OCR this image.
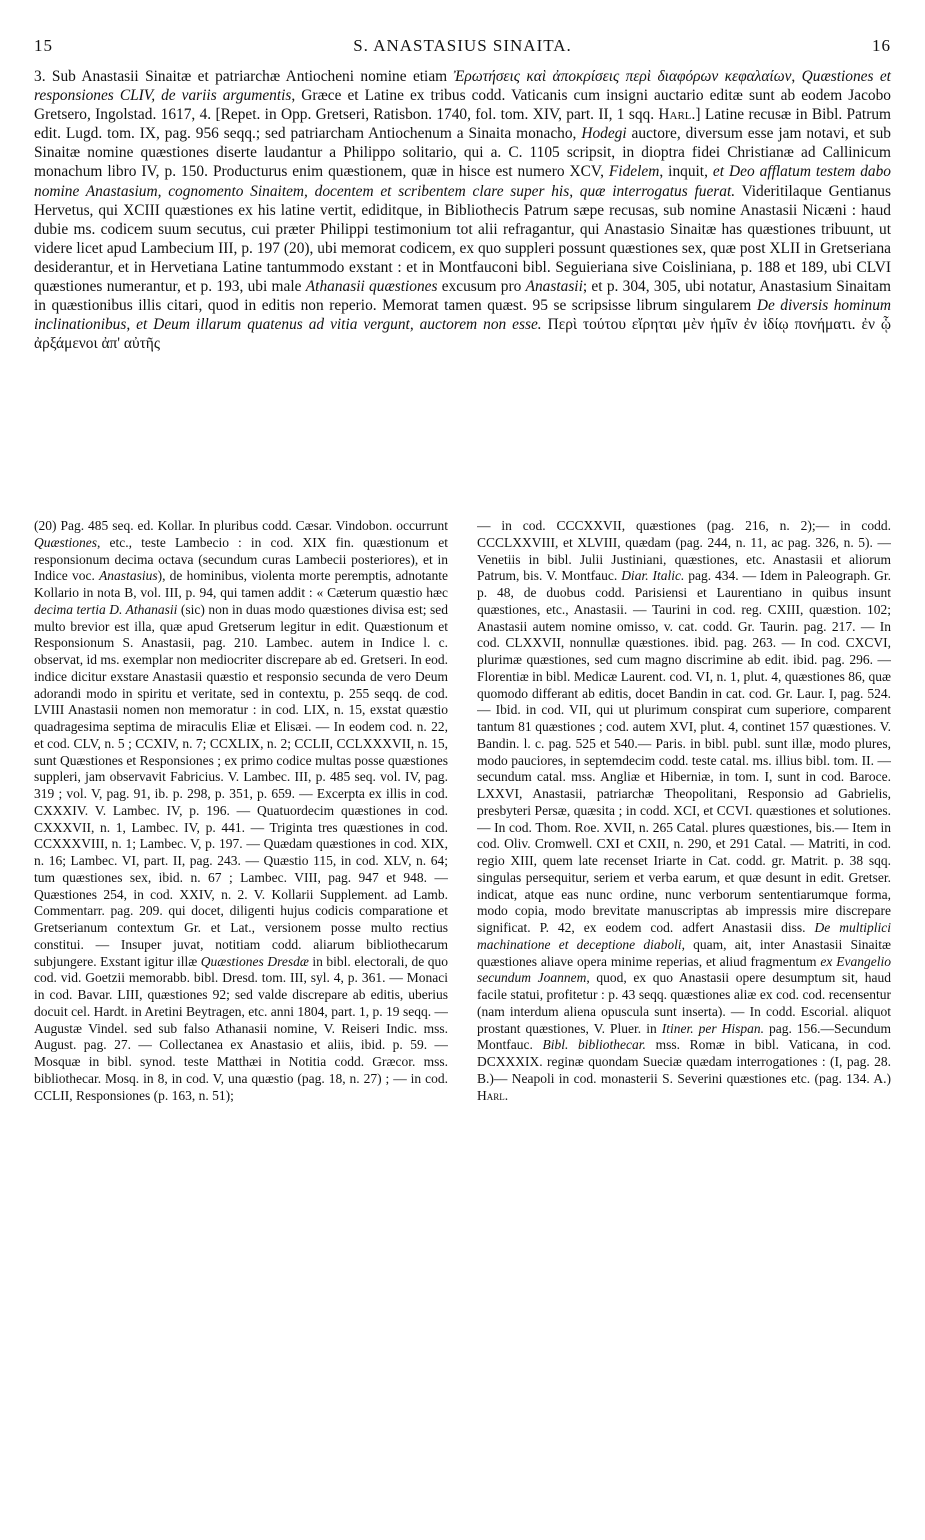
15	S. ANASTASIUS SINAITA.	16

3. Sub Anastasii Sinaitæ et patriarchæ Antiocheni nomine etiam Ἐρωτήσεις καὶ ἀποκρίσεις περὶ διαφόρων κεφαλαίων, Quæstiones et responsiones CLIV, de variis argumentis, Græce et Latine ex tribus codd. Vaticanis cum insigni auctario editæ sunt ab eodem Jacobo Gretsero, Ingolstad. 1617, 4. [Repet. in Opp. Gretseri, Ratisbon. 1740, fol. tom. XIV, part. II, 1 sqq. Harl.] Latine recusæ in Bibl. Patrum edit. Lugd. tom. IX, pag. 956 seqq.; sed patriarcham Antiochenum a Sinaita monacho, Hodegi auctore, diversum esse jam notavi, et sub Sinaitæ nomine quæstiones diserte laudantur a Philippo solitario, qui a. C. 1105 scripsit, in dioptra fidei Christianæ ad Callinicum monachum libro IV, p. 150. Producturus enim quæstionem, quæ in hisce est numero XCV, Fidelem, inquit, et Deo afflatum testem dabo nomine Anastasium, cognomento Sinaitem, docentem et scribentem clare super his, quæ interrogatus fuerat. Videritilaque Gentianus Hervetus, qui XCIII quæstiones ex his latine vertit, ediditque, in Bibliothecis Patrum sæpe recusas, sub nomine Anastasii Nicæni : haud dubie ms. codicem suum secutus, cui præter Philippi testimonium tot alii refragantur, qui Anastasio Sinaitæ has quæstiones tribuunt, ut videre licet apud Lambecium III, p. 197 (20), ubi memorat codicem, ex quo suppleri possunt quæstiones sex, quæ post XLII in Gretseriana desiderantur, et in Hervetiana Latine tantummodo exstant : et in Montfauconi bibl. Seguieriana sive Coisliniana, p. 188 et 189, ubi CLVI quæstiones numerantur, et p. 193, ubi male Athanasii quæstiones excusum pro Anastasii; et p. 304, 305, ubi notatur, Anastasium Sinaitam in quæstionibus illis citari, quod in editis non reperio. Memorat tamen quæst. 95 se scripsisse librum singularem De diversis hominum inclinationibus, et Deum illarum quatenus ad vitia vergunt, auctorem non esse. Περὶ τούτου εἴρηται μὲν ἡμῖν ἐν ἰδίῳ πονήματι. ἐν ᾧ ἀρξάμενοι ἀπ' αὐτῆς

(20) Pag. 485 seq. ed. Kollar. In pluribus codd. Cæsar. Vindobon. occurrunt Quæstiones, etc., teste Lambecio : in cod. XIX fin. quæstionum et responsionum decima octava (secundum curas Lambecii posteriores), et in Indice voc. Anastasius), de hominibus, violenta morte peremptis, adnotante Kollario in nota B, vol. III, p. 94, qui tamen addit : « Cæterum quæstio hæc decima tertia D. Athanasii (sic) non in duas modo quæstiones divisa est; sed multo brevior est illa, quæ apud Gretserum legitur in edit. Quæstionum et Responsionum S. Anastasii, pag. 210. Lambec. autem in Indice l. c. observat, id ms. exemplar non mediocriter discrepare ab ed. Gretseri. In eod. indice dicitur exstare Anastasii quæstio et responsio secunda de vero Deum adorandi modo in spiritu et veritate, sed in contextu, p. 255 seqq. de cod. LVIII Anastasii nomen non memoratur : in cod. LIX, n. 15, exstat quæstio quadragesima septima de miraculis Eliæ et Elisæi. — In eodem cod. n. 22, et cod. CLV, n. 5 ; CCXIV, n. 7; CCXLIX, n. 2; CCLII, CCLXXXVII, n. 15, sunt Quæstiones et Responsiones ; ex primo codice multas posse quæstiones suppleri, jam observavit Fabricius. V. Lambec. III, p. 485 seq. vol. IV, pag. 319 ; vol. V, pag. 91, ib. p. 298, p. 351, p. 659. — Excerpta ex illis in cod. CXXXIV. V. Lambec. IV, p. 196. — Quatuordecim quæstiones in cod. CXXXVII, n. 1, Lambec. IV, p. 441. — Triginta tres quæstiones in cod. CCXXXVIII, n. 1; Lambec. V, p. 197. — Quædam quæstiones in cod. XIX, n. 16; Lambec. VI, part. II, pag. 243. — Quæstio 115, in cod. XLV, n. 64; tum quæstiones sex, ibid. n. 67 ; Lambec. VIII, pag. 947 et 948. — Quæstiones 254, in cod. XXIV, n. 2. V. Kollarii Supplement. ad Lamb. Commentarr. pag. 209. qui docet, diligenti hujus codicis comparatione et Gretserianum contextum Gr. et Lat., versionem posse multo rectius constitui. — Insuper juvat, notitiam codd. aliarum bibliothecarum subjungere. Exstant igitur illæ Quæstiones Dresdæ in bibl. electorali, de quo cod. vid. Goetzii memorabb. bibl. Dresd. tom. III, syl. 4, p. 361. — Monaci in cod. Bavar. LIII, quæstiones 92; sed valde discrepare ab editis, uberius docuit cel. Hardt. in Aretini Beytragen, etc. anni 1804, part. 1, p. 19 seqq. — Augustæ Vindel. sed sub falso Athanasii nomine, V. Reiseri Indic. mss. August. pag. 27. — Collectanea ex Anastasio et aliis, ibid. p. 59. — Mosquæ in bibl. synod. teste Matthæi in Notitia codd. Græcor. mss. bibliothecar. Mosq. in 8, in cod. V, una quæstio (pag. 18, n. 27) ; — in cod. CCLII, Responsiones (p. 163, n. 51);

— in cod. CCCXXVII, quæstiones (pag. 216, n. 2);— in codd. CCCLXXVIII, et XLVIII, quædam (pag. 244, n. 11, ac pag. 326, n. 5). — Venetiis in bibl. Julii Justiniani, quæstiones, etc. Anastasii et aliorum Patrum, bis. V. Montfauc. Diar. Italic. pag. 434. — Idem in Paleograph. Gr. p. 48, de duobus codd. Parisiensi et Laurentiano in quibus insunt quæstiones, etc., Anastasii. — Taurini in cod. reg. CXIII, quæstion. 102; Anastasii autem nomine omisso, v. cat. codd. Gr. Taurin. pag. 217. — In cod. CLXXVII, nonnullæ quæstiones. ibid. pag. 263. — In cod. CXCVI, plurimæ quæstiones, sed cum magno discrimine ab edit. ibid. pag. 296. — Florentiæ in bibl. Medicæ Laurent. cod. VI, n. 1, plut. 4, quæstiones 86, quæ quomodo differant ab editis, docet Bandin in cat. cod. Gr. Laur. I, pag. 524. — Ibid. in cod. VII, qui ut plurimum conspirat cum superiore, comparent tantum 81 quæstiones ; cod. autem XVI, plut. 4, continet 157 quæstiones. V. Bandin. l. c. pag. 525 et 540.— Paris. in bibl. publ. sunt illæ, modo plures, modo pauciores, in septemdecim codd. teste catal. ms. illius bibl. tom. II. — secundum catal. mss. Angliæ et Hiberniæ, in tom. I, sunt in cod. Baroce. LXXVI, Anastasii, patriarchæ Theopolitani, Responsio ad Gabrielis, presbyteri Persæ, quæsita ; in codd. XCI, et CCVI. quæstiones et solutiones. — In cod. Thom. Roe. XVII, n. 265 Catal. plures quæstiones, bis.— Item in cod. Oliv. Cromwell. CXI et CXII, n. 290, et 291 Catal. — Matriti, in cod. regio XIII, quem late recenset Iriarte in Cat. codd. gr. Matrit. p. 38 sqq. singulas persequitur, seriem et verba earum, et quæ desunt in edit. Gretser. indicat, atque eas nunc ordine, nunc verborum sententiarumque forma, modo copia, modo brevitate manuscriptas ab impressis mire discrepare significat. P. 42, ex eodem cod. adfert Anastasii diss. De multiplici machinatione et deceptione diaboli, quam, ait, inter Anastasii Sinaitæ quæstiones aliave opera minime reperias, et aliud fragmentum ex Evangelio secundum Joannem, quod, ex quo Anastasii opere desumptum sit, haud facile statui, profitetur : p. 43 seqq. quæstiones aliæ ex cod. cod. recensentur (nam interdum aliena opuscula sunt inserta). — In codd. Escorial. aliquot prostant quæstiones, V. Pluer. in Itiner. per Hispan. pag. 156.—Secundum Montfauc. Bibl. bibliothecar. mss. Romæ in bibl. Vaticana, in cod. DCXXXIX. reginæ quondam Sueciæ quædam interrogationes : (I, pag. 28. B.)— Neapoli in cod. monasterii S. Severini quæstiones etc. (pag. 134. A.) Harl.
